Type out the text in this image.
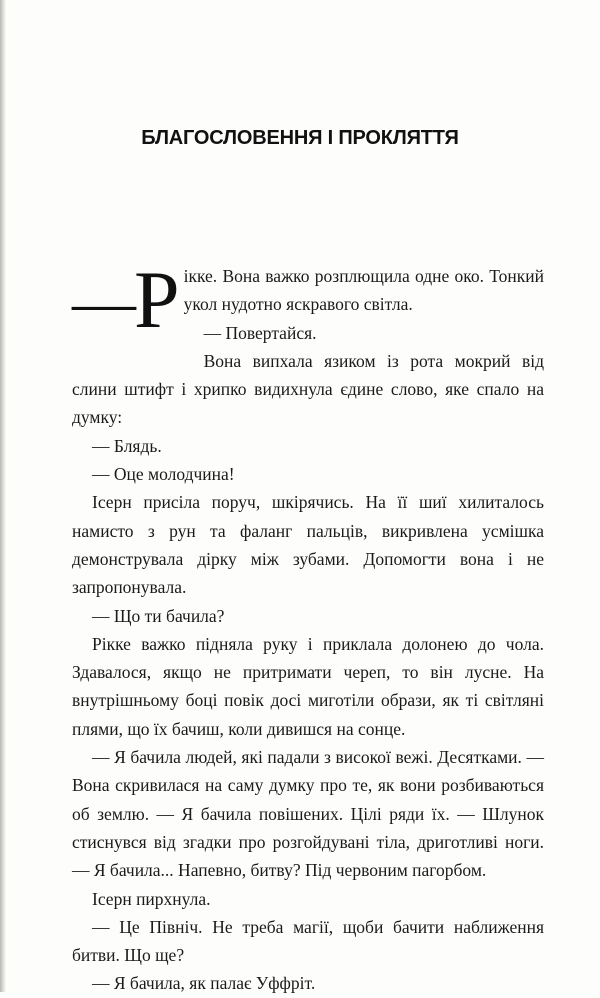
БЛАГОСЛОВЕННЯ І ПРОКЛЯТТЯ

—
Р ікке. Вона важко розплющила одне око. Тонкий укол нудотно яскравого світла.

— Повертайся.

Вона випхала язиком із рота мокрий від слини штифт і хрипко видихнула єдине слово, яке спало на думку:

— Блядь.

— Оце молодчина!

Ісерн присіла поруч, шкірячись. На її шиї хилиталось намисто з рун та фаланг пальців, викривлена усмішка демонструвала дірку між зубами. Допомогти вона і не запропонувала.

— Що ти бачила?

Рікке важко підняла руку і приклала долонею до чола. Здавалося, якщо не притримати череп, то він лусне. На внутрішньому боці повік досі миготіли образи, як ті світляні плями, що їх бачиш, коли дивишся на сонце.

— Я бачила людей, які падали з високої вежі. Десятками. — Вона скривилася на саму думку про те, як вони розбиваються об землю. — Я бачила повішених. Цілі ряди їх. — Шлунок стиснувся від згадки про розгойдувані тіла, дриготливі ноги. — Я бачила... Напевно, битву? Під червоним пагорбом.

Ісерн пирхнула.

— Це Північ. Не треба магії, щоби бачити наближення битви. Що ще?

— Я бачила, як палає Уффріт.
